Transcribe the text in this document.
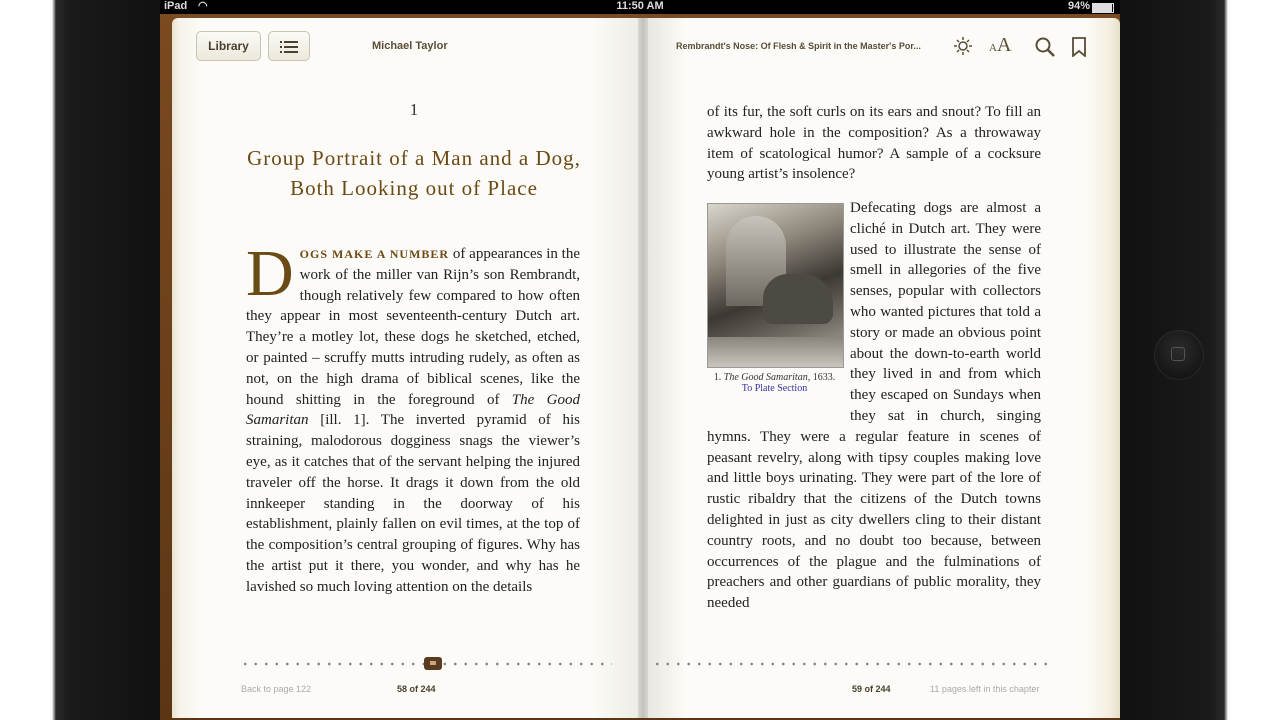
iPad ◠	11:50 AM	94%
Library	Michael Taylor	Rembrandt's Nose: Of Flesh & Spirit in the Master's Por...	AA
1
Group Portrait of a Man and a Dog, Both Looking out of Place

DOGS MAKE A NUMBER of appearances in the work of the miller van Rijn’s son Rembrandt, though relatively few compared to how often they appear in most seventeenth-century Dutch art. They’re a motley lot, these dogs he sketched, etched, or painted – scruffy mutts intruding rudely, as often as not, on the high drama of biblical scenes, like the hound shitting in the foreground of The Good Samaritan [ill. 1]. The inverted pyramid of his straining, malodorous dogginess snags the viewer’s eye, as it catches that of the servant helping the injured traveler off the horse. It drags it down from the old innkeeper standing in the doorway of his establishment, plainly fallen on evil times, at the top of the composition’s central grouping of figures. Why has the artist put it there, you wonder, and why has he lavished so much loving attention on the details

of its fur, the soft curls on its ears and snout? To fill an awkward hole in the composition? As a throwaway item of scatological humor? A sample of a cocksure young artist’s insolence?

1. The Good Samaritan, 1633.
To Plate Section

Defecating dogs are almost a cliché in Dutch art. They were used to illustrate the sense of smell in allegories of the five senses, popular with collectors who wanted pictures that told a story or made an obvious point about the down-to-earth world they lived in and from which they escaped on Sundays when they sat in church, singing hymns. They were a regular feature in scenes of peasant revelry, along with tipsy couples making love and little boys urinating. They were part of the lore of rustic ribaldry that the citizens of the Dutch towns delighted in just as city dwellers cling to their distant country roots, and no doubt too because, between occurrences of the plague and the fulminations of preachers and other guardians of public morality, they needed

Back to page 122	58 of 244	59 of 244	11 pages left in this chapter
